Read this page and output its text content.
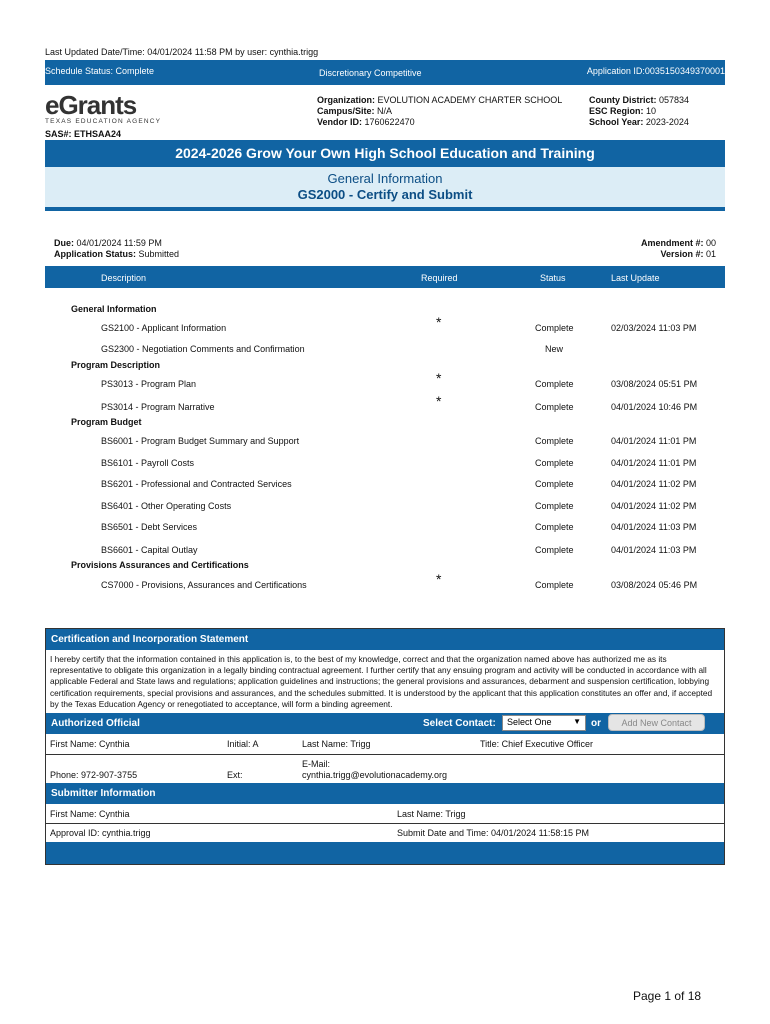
Last Updated Date/Time: 04/01/2024 11:58 PM by user: cynthia.trigg
Schedule Status: Complete	Discretionary Competitive	Application ID:00351503493700​01
eGrants
TEXAS EDUCATION AGENCY
SAS#: ETHSAA24
Organization: EVOLUTION ACADEMY CHARTER SCHOOL
Campus/Site: N/A
Vendor ID: 1760622470
County District: 057834
ESC Region: 10
School Year: 2023-2024
2024-2026 Grow Your Own High School Education and Training
General Information
GS2000 - Certify and Submit
Due: 04/01/2024 11:59 PM
Application Status: Submitted
Amendment #: 00
Version #: 01
Description	Required	Status	Last Update
General Information
GS2100 - Applicant Information	*	Complete	02/03/2024 11:03 PM
GS2300 - Negotiation Comments and Confirmation	New
Program Description
PS3013 - Program Plan	*	Complete	03/08/2024 05:51 PM
PS3014 - Program Narrative	*	Complete	04/01/2024 10:46 PM
Program Budget
BS6001 - Program Budget Summary and Support	Complete	04/01/2024 11:01 PM
BS6101 - Payroll Costs	Complete	04/01/2024 11:01 PM
BS6201 - Professional and Contracted Services	Complete	04/01/2024 11:02 PM
BS6401 - Other Operating Costs	Complete	04/01/2024 11:02 PM
BS6501 - Debt Services	Complete	04/01/2024 11:03 PM
BS6601 - Capital Outlay	Complete	04/01/2024 11:03 PM
Provisions Assurances and Certifications
CS7000 - Provisions, Assurances and Certifications	*	Complete	03/08/2024 05:46 PM
Certification and Incorporation Statement
I hereby certify that the information contained in this application is, to the best of my knowledge, correct and that the organization named above has authorized me as its representative to obligate this organization in a legally binding contractual agreement. I further certify that any ensuing program and activity will be conducted in accordance with all applicable Federal and State laws and regulations; application guidelines and instructions; the general provisions and assurances, debarment and suspension certification, lobbying certification requirements, special provisions and assurances, and the schedules submitted. It is understood by the applicant that this application constitutes an offer and, if accepted by the Texas Education Agency or renegotiated to acceptance, will form a binding agreement.
Authorized Official	Select Contact:	or
First Name: Cynthia	Initial: A	Last Name: Trigg	Title: Chief Executive Officer
Phone: 972-907-3755	Ext:
E-Mail:
cynthia.trigg@evolutionacademy.org
Submitter Information
First Name: Cynthia	Last Name: Trigg
Approval ID: cynthia.trigg	Submit Date and Time: 04/01/2024 11:58:15 PM
Select One	▼	Add New Contact
Page 1 of 18
